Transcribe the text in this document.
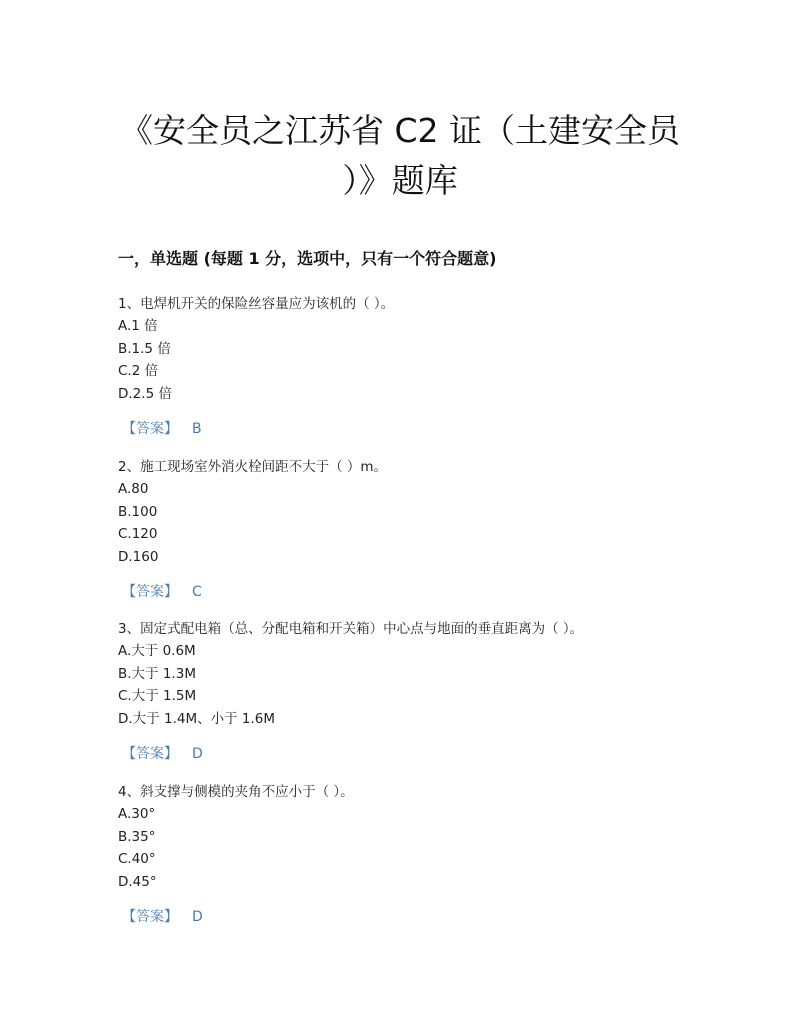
《安全员之江苏省 C2 证（土建安全员
）》题库
一，单选题 (每题 1 分，选项中，只有一个符合题意)
1、电焊机开关的保险丝容量应为该机的（ ）。
A.1 倍
B.1.5 倍
C.2 倍
D.2.5 倍
【答案】 B
2、施工现场室外消火栓间距不大于（ ）m。
A.80
B.100
C.120
D.160
【答案】 C
3、固定式配电箱（总、分配电箱和开关箱）中心点与地面的垂直距离为（ ）。
A.大于 0.6M
B.大于 1.3M
C.大于 1.5M
D.大于 1.4M、小于 1.6M
【答案】 D
4、斜支撑与侧模的夹角不应小于（ ）。
A.30°
B.35°
C.40°
D.45°
【答案】 D
